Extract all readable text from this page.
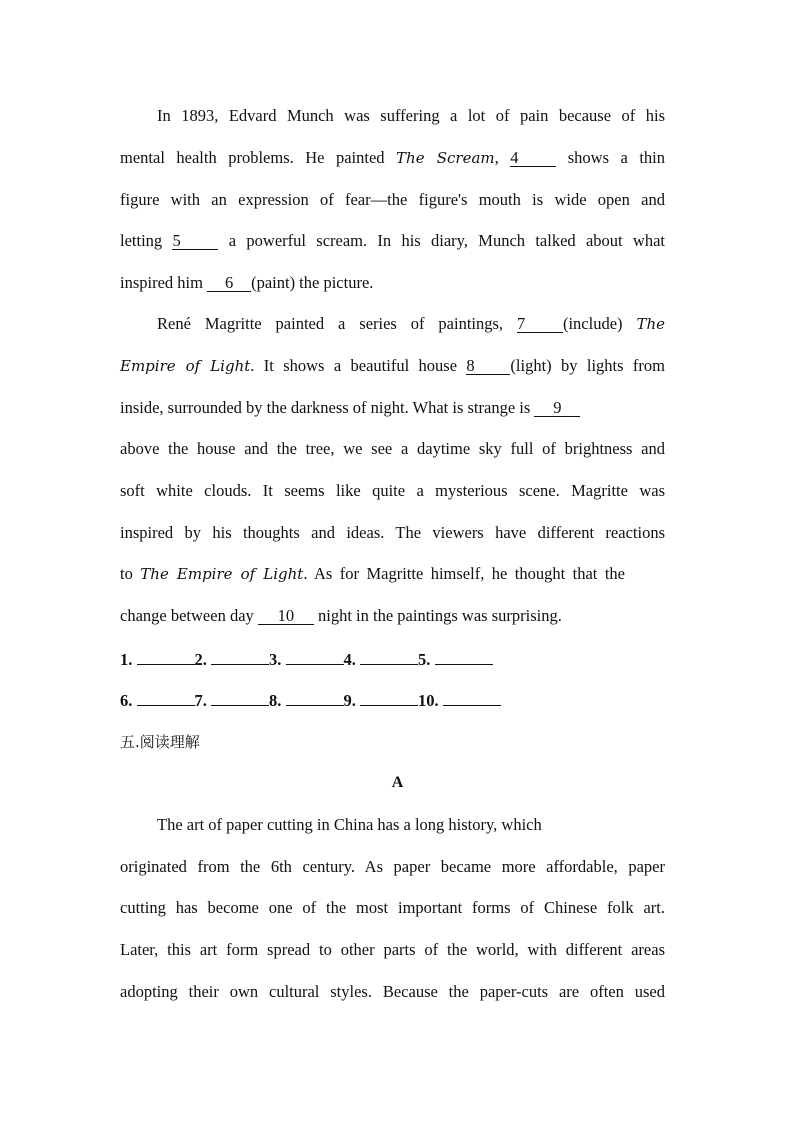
In 1893, Edvard Munch was suffering a lot of pain because of his
mental health problems. He painted The Scream, 4 shows a thin
figure with an expression of fear—the figure's mouth is wide open and
letting 5 a powerful scream. In his diary, Munch talked about what
inspired him 6 (paint) the picture.
René Magritte painted a series of paintings, 7 (include) The
Empire of Light. It shows a beautiful house 8 (light) by lights from
inside, surrounded by the darkness of night. What is strange is 9
above the house and the tree, we see a daytime sky full of brightness and
soft white clouds. It seems like quite a mysterious scene. Magritte was
inspired by his thoughts and ideas. The viewers have different reactions
to The Empire of Light. As for Magritte himself, he thought that the
change between day 10 night in the paintings was surprising.
1.	2.	3.	4.	5.
6.	7.	8.	9.	10.
五.阅读理解
A
The art of paper cutting in China has a long history, which
originated from the 6th century. As paper became more affordable, paper
cutting has become one of the most important forms of Chinese folk art.
Later, this art form spread to other parts of the world, with different areas
adopting their own cultural styles. Because the paper-cuts are often used
